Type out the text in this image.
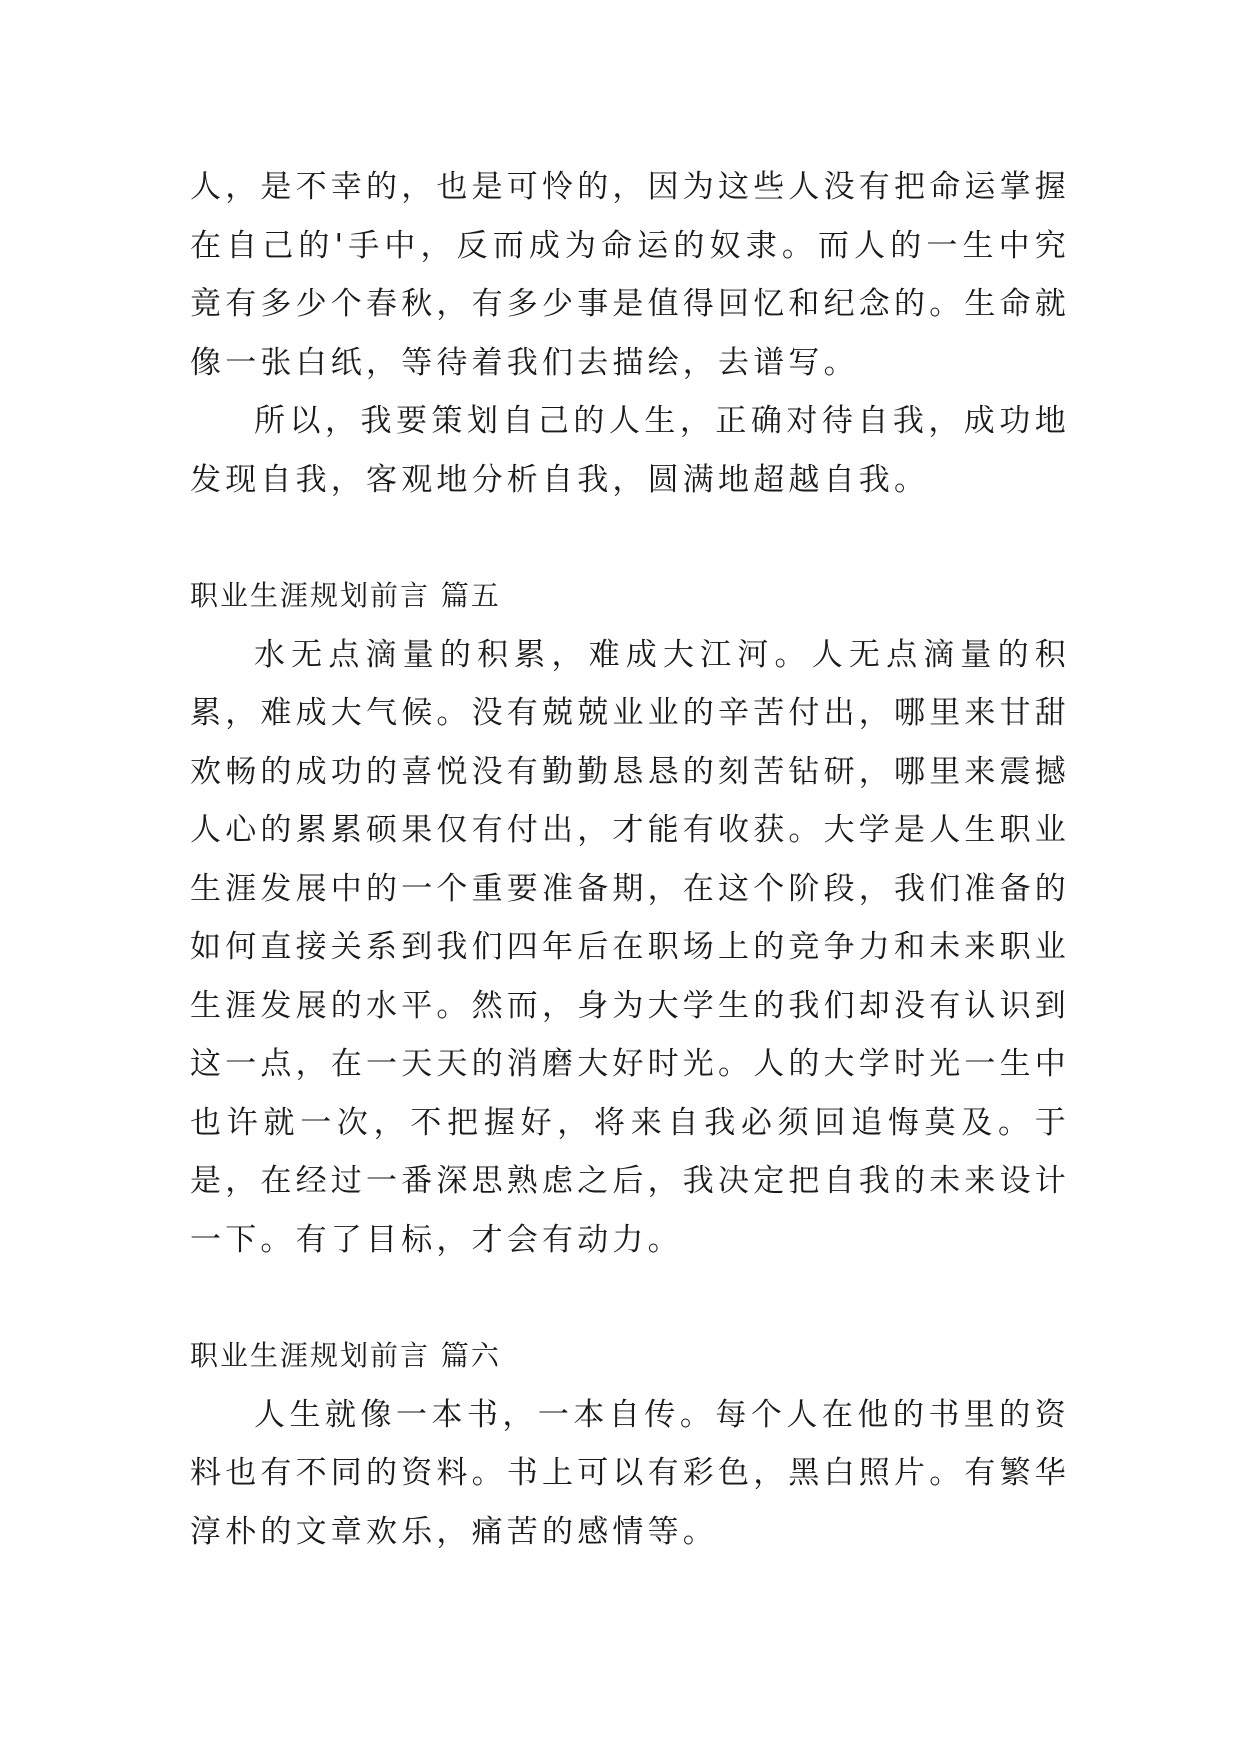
人，是不幸的，也是可怜的，因为这些人没有把命运掌握在自己的'手中，反而成为命运的奴隶。而人的一生中究竟有多少个春秋，有多少事是值得回忆和纪念的。生命就像一张白纸，等待着我们去描绘，去谱写。

所以，我要策划自己的人生，正确对待自我，成功地发现自我，客观地分析自我，圆满地超越自我。

职业生涯规划前言 篇五

水无点滴量的积累，难成大江河。人无点滴量的积累，难成大气候。没有兢兢业业的辛苦付出，哪里来甘甜欢畅的成功的喜悦没有勤勤恳恳的刻苦钻研，哪里来震撼人心的累累硕果仅有付出，才能有收获。大学是人生职业生涯发展中的一个重要准备期，在这个阶段，我们准备的如何直接关系到我们四年后在职场上的竞争力和未来职业生涯发展的水平。然而，身为大学生的我们却没有认识到这一点，在一天天的消磨大好时光。人的大学时光一生中也许就一次，不把握好，将来自我必须回追悔莫及。于是，在经过一番深思熟虑之后，我决定把自我的未来设计一下。有了目标，才会有动力。

职业生涯规划前言 篇六

人生就像一本书，一本自传。每个人在他的书里的资料也有不同的资料。书上可以有彩色，黑白照片。有繁华淳朴的文章欢乐，痛苦的感情等。
